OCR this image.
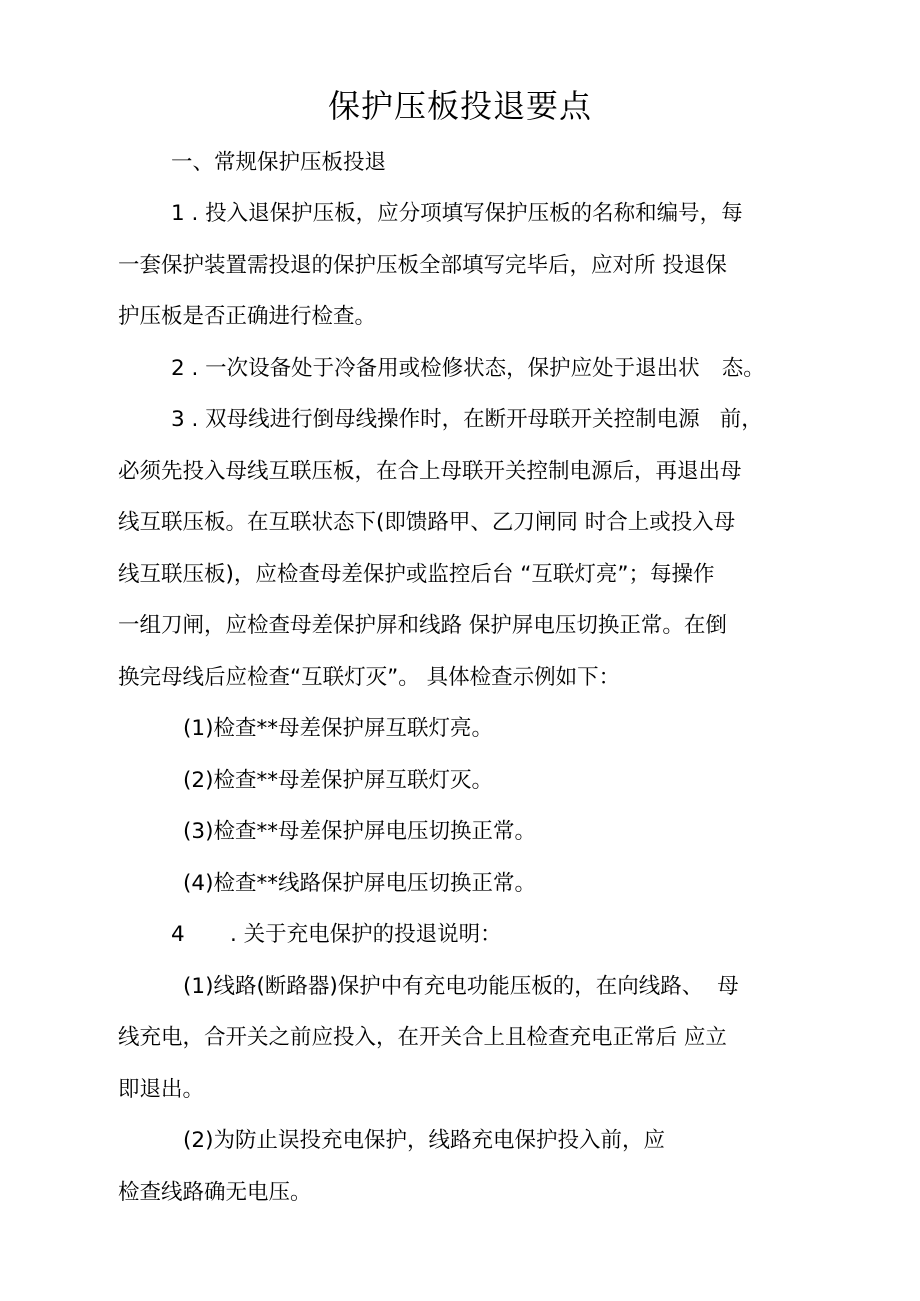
保护压板投退要点

一、常规保护压板投退

1 . 投入退保护压板，应分项填写保护压板的名称和编号，每

一套保护装置需投退的保护压板全部填写完毕后，应对所 投退保

护压板是否正确进行检查。

2 . 一次设备处于冷备用或检修状态，保护应处于退出状 态。

3 . 双母线进行倒母线操作时，在断开母联开关控制电源 前，

必须先投入母线互联压板，在合上母联开关控制电源后，再退出母

线互联压板。在互联状态下(即馈路甲、乙刀闸同 时合上或投入母

线互联压板)，应检查母差保护或监控后台 “互联灯亮”；每操作

一组刀闸，应检查母差保护屏和线路 保护屏电压切换正常。在倒

换完母线后应检查“互联灯灭”。 具体检查示例如下：

(1)检查**母差保护屏互联灯亮。

(2)检查**母差保护屏互联灯灭。

(3)检查**母差保护屏电压切换正常。

(4)检查**线路保护屏电压切换正常。

4 . 关于充电保护的投退说明：

(1)线路(断路器)保护中有充电功能压板的，在向线路、 母

线充电，合开关之前应投入，在开关合上且检查充电正常后 应立

即退出。

(2)为防止误投充电保护，线路充电保护投入前，应

检查线路确无电压。
